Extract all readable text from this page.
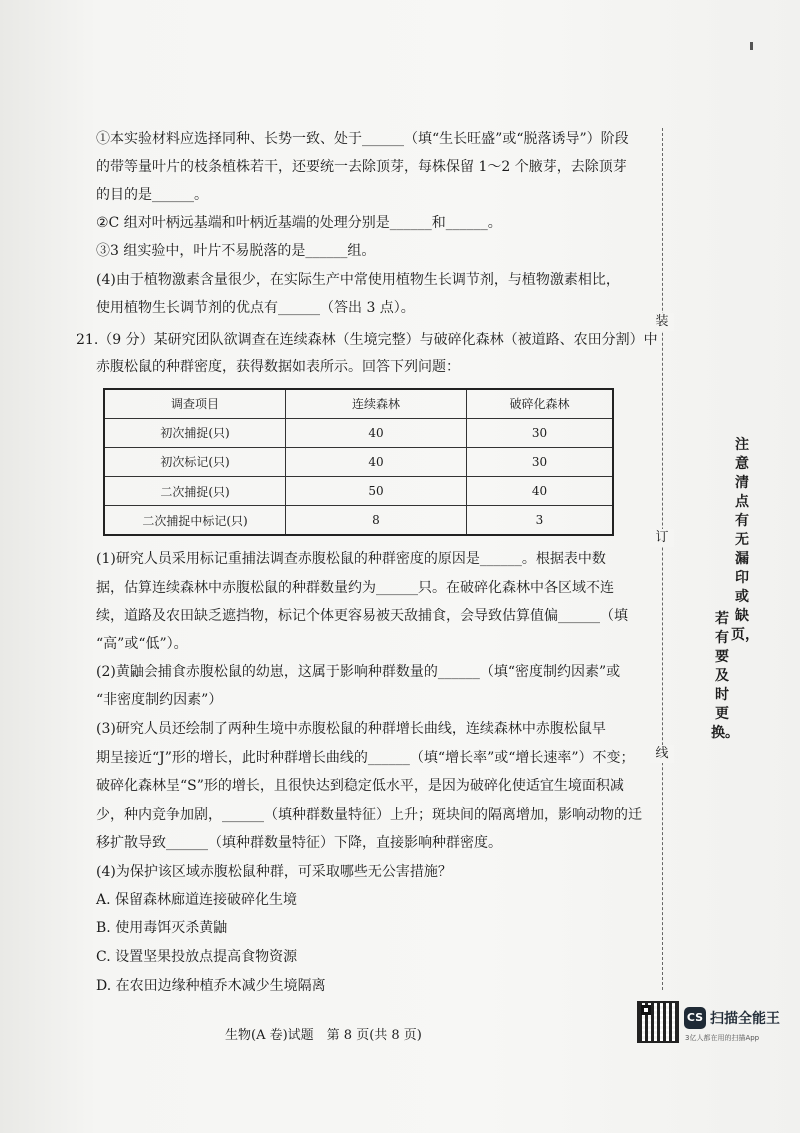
①本实验材料应选择同种、长势一致、处于______（填“生长旺盛”或“脱落诱导”）阶段
的带等量叶片的枝条植株若干，还要统一去除顶芽，每株保留 1～2 个腋芽，去除顶芽
的目的是______。
②C 组对叶柄远基端和叶柄近基端的处理分别是______和______。
③3 组实验中，叶片不易脱落的是______组。
(4)由于植物激素含量很少，在实际生产中常使用植物生长调节剂，与植物激素相比，
使用植物生长调节剂的优点有______（答出 3 点）。
21.（9 分）某研究团队欲调查在连续森林（生境完整）与破碎化森林（被道路、农田分割）中
赤腹松鼠的种群密度，获得数据如表所示。回答下列问题：
调查项目	连续森林	破碎化森林
初次捕捉(只)	40	30
初次标记(只)	40	30
二次捕捉(只)	50	40
二次捕捉中标记(只)	8	3
(1)研究人员采用标记重捕法调查赤腹松鼠的种群密度的原因是______。根据表中数
据，估算连续森林中赤腹松鼠的种群数量约为______只。在破碎化森林中各区域不连
续，道路及农田缺乏遮挡物，标记个体更容易被天敌捕食，会导致估算值偏______（填
“高”或“低”）。
(2)黄鼬会捕食赤腹松鼠的幼崽，这属于影响种群数量的______（填“密度制约因素”或
“非密度制约因素”）
(3)研究人员还绘制了两种生境中赤腹松鼠的种群增长曲线，连续森林中赤腹松鼠早
期呈接近“J”形的增长，此时种群增长曲线的______（填“增长率”或“增长速率”）不变；
破碎化森林呈“S”形的增长，且很快达到稳定低水平，是因为破碎化使适宜生境面积减
少，种内竞争加剧，______（填种群数量特征）上升；斑块间的隔离增加，影响动物的迁
移扩散导致______（填种群数量特征）下降，直接影响种群密度。
(4)为保护该区域赤腹松鼠种群，可采取哪些无公害措施？
A. 保留森林廊道连接破碎化生境
B. 使用毒饵灭杀黄鼬
C. 设置坚果投放点提高食物资源
D. 在农田边缘种植乔木减少生境隔离
装
订
线
注意清点有无漏印或缺页，
若有要及时更换。
生物(A 卷)试题　第 8 页(共 8 页)
CS 扫描全能王
3亿人都在用的扫描App
